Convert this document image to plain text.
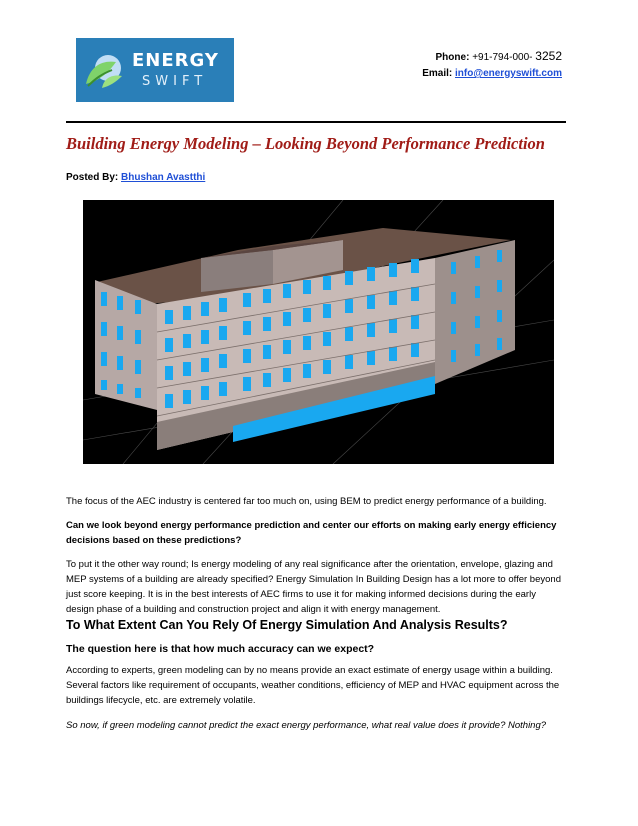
ENERGY
SWIFT
Phone: +91-794-000- 3252
Email: info@energyswift.com
Building Energy Modeling – Looking Beyond Performance Prediction
Posted By: Bhushan Avastthi

The focus of the AEC industry is centered far too much on, using BEM to predict energy performance of a building.

Can we look beyond energy performance prediction and center our efforts on making early energy efficiency decisions based on these predictions?

To put it the other way round; Is energy modeling of any real significance after the orientation, envelope, glazing and MEP systems of a building are already specified? Energy Simulation In Building Design has a lot more to offer beyond just score keeping. It is in the best interests of AEC firms to use it for making informed decisions during the early design phase of a building and construction project and align it with energy management.

To What Extent Can You Rely Of Energy Simulation And Analysis Results?
The question here is that how much accuracy can we expect?

According to experts, green modeling can by no means provide an exact estimate of energy usage within a building. Several factors like requirement of occupants, weather conditions, efficiency of MEP and HVAC equipment across the buildings lifecycle, etc. are extremely volatile.

So now, if green modeling cannot predict the exact energy performance, what real value does it provide? Nothing?
